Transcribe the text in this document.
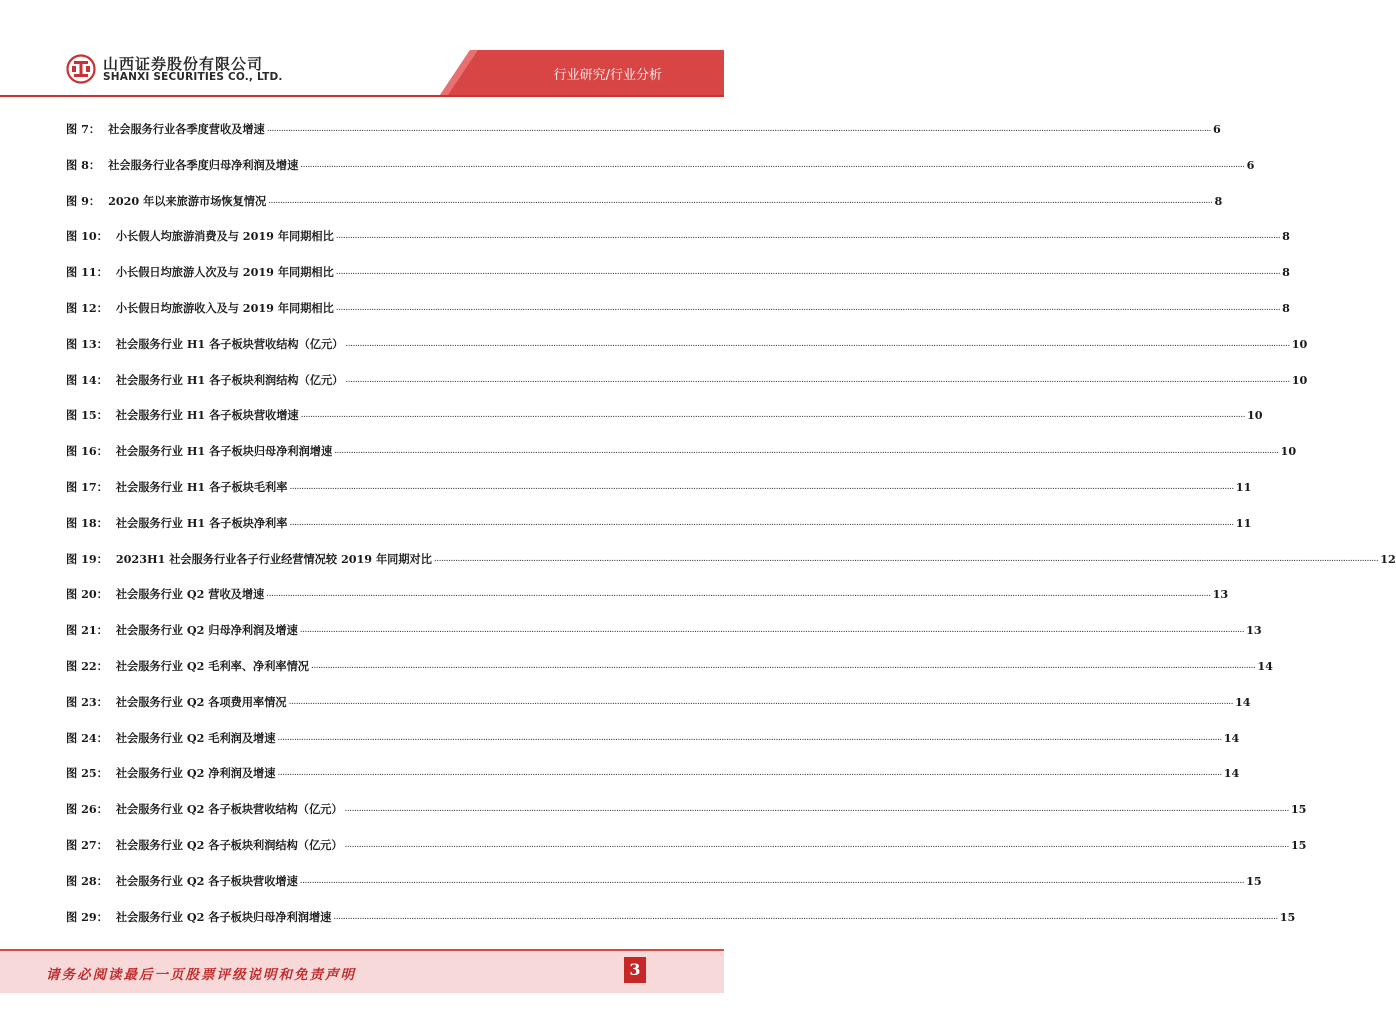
山西证券股份有限公司
SHANXI SECURITIES CO., LTD.	行业研究/行业分析
图 7： 社会服务行业各季度营收及增速 ................................................................................................................................................................................................................................................................................................................................................................................................................ 6
图 8： 社会服务行业各季度归母净利润及增速 ................................................................................................................................................................................................................................................................................................................................................................................................................ 6
图 9： 2020 年以来旅游市场恢复情况 ................................................................................................................................................................................................................................................................................................................................................................................................................ 8
图 10： 小长假人均旅游消费及与 2019 年同期相比 ................................................................................................................................................................................................................................................................................................................................................................................................................ 8
图 11： 小长假日均旅游人次及与 2019 年同期相比 ................................................................................................................................................................................................................................................................................................................................................................................................................ 8
图 12： 小长假日均旅游收入及与 2019 年同期相比 ................................................................................................................................................................................................................................................................................................................................................................................................................ 8
图 13： 社会服务行业 H1 各子板块营收结构（亿元） ................................................................................................................................................................................................................................................................................................................................................................................................................ 10
图 14： 社会服务行业 H1 各子板块利润结构（亿元） ................................................................................................................................................................................................................................................................................................................................................................................................................ 10
图 15： 社会服务行业 H1 各子板块营收增速 ................................................................................................................................................................................................................................................................................................................................................................................................................ 10
图 16： 社会服务行业 H1 各子板块归母净利润增速 ................................................................................................................................................................................................................................................................................................................................................................................................................ 10
图 17： 社会服务行业 H1 各子板块毛利率 ................................................................................................................................................................................................................................................................................................................................................................................................................ 11
图 18： 社会服务行业 H1 各子板块净利率 ................................................................................................................................................................................................................................................................................................................................................................................................................ 11
图 19： 2023H1 社会服务行业各子行业经营情况较 2019 年同期对比 ................................................................................................................................................................................................................................................................................................................................................................................................................ 12
图 20： 社会服务行业 Q2 营收及增速 ................................................................................................................................................................................................................................................................................................................................................................................................................ 13
图 21： 社会服务行业 Q2 归母净利润及增速 ................................................................................................................................................................................................................................................................................................................................................................................................................ 13
图 22： 社会服务行业 Q2 毛利率、净利率情况 ................................................................................................................................................................................................................................................................................................................................................................................................................ 14
图 23： 社会服务行业 Q2 各项费用率情况 ................................................................................................................................................................................................................................................................................................................................................................................................................ 14
图 24： 社会服务行业 Q2 毛利润及增速 ................................................................................................................................................................................................................................................................................................................................................................................................................ 14
图 25： 社会服务行业 Q2 净利润及增速 ................................................................................................................................................................................................................................................................................................................................................................................................................ 14
图 26： 社会服务行业 Q2 各子板块营收结构（亿元） ................................................................................................................................................................................................................................................................................................................................................................................................................ 15
图 27： 社会服务行业 Q2 各子板块利润结构（亿元） ................................................................................................................................................................................................................................................................................................................................................................................................................ 15
图 28： 社会服务行业 Q2 各子板块营收增速 ................................................................................................................................................................................................................................................................................................................................................................................................................ 15
图 29： 社会服务行业 Q2 各子板块归母净利润增速 ................................................................................................................................................................................................................................................................................................................................................................................................................ 15
请务必阅读最后一页股票评级说明和免责声明	3
